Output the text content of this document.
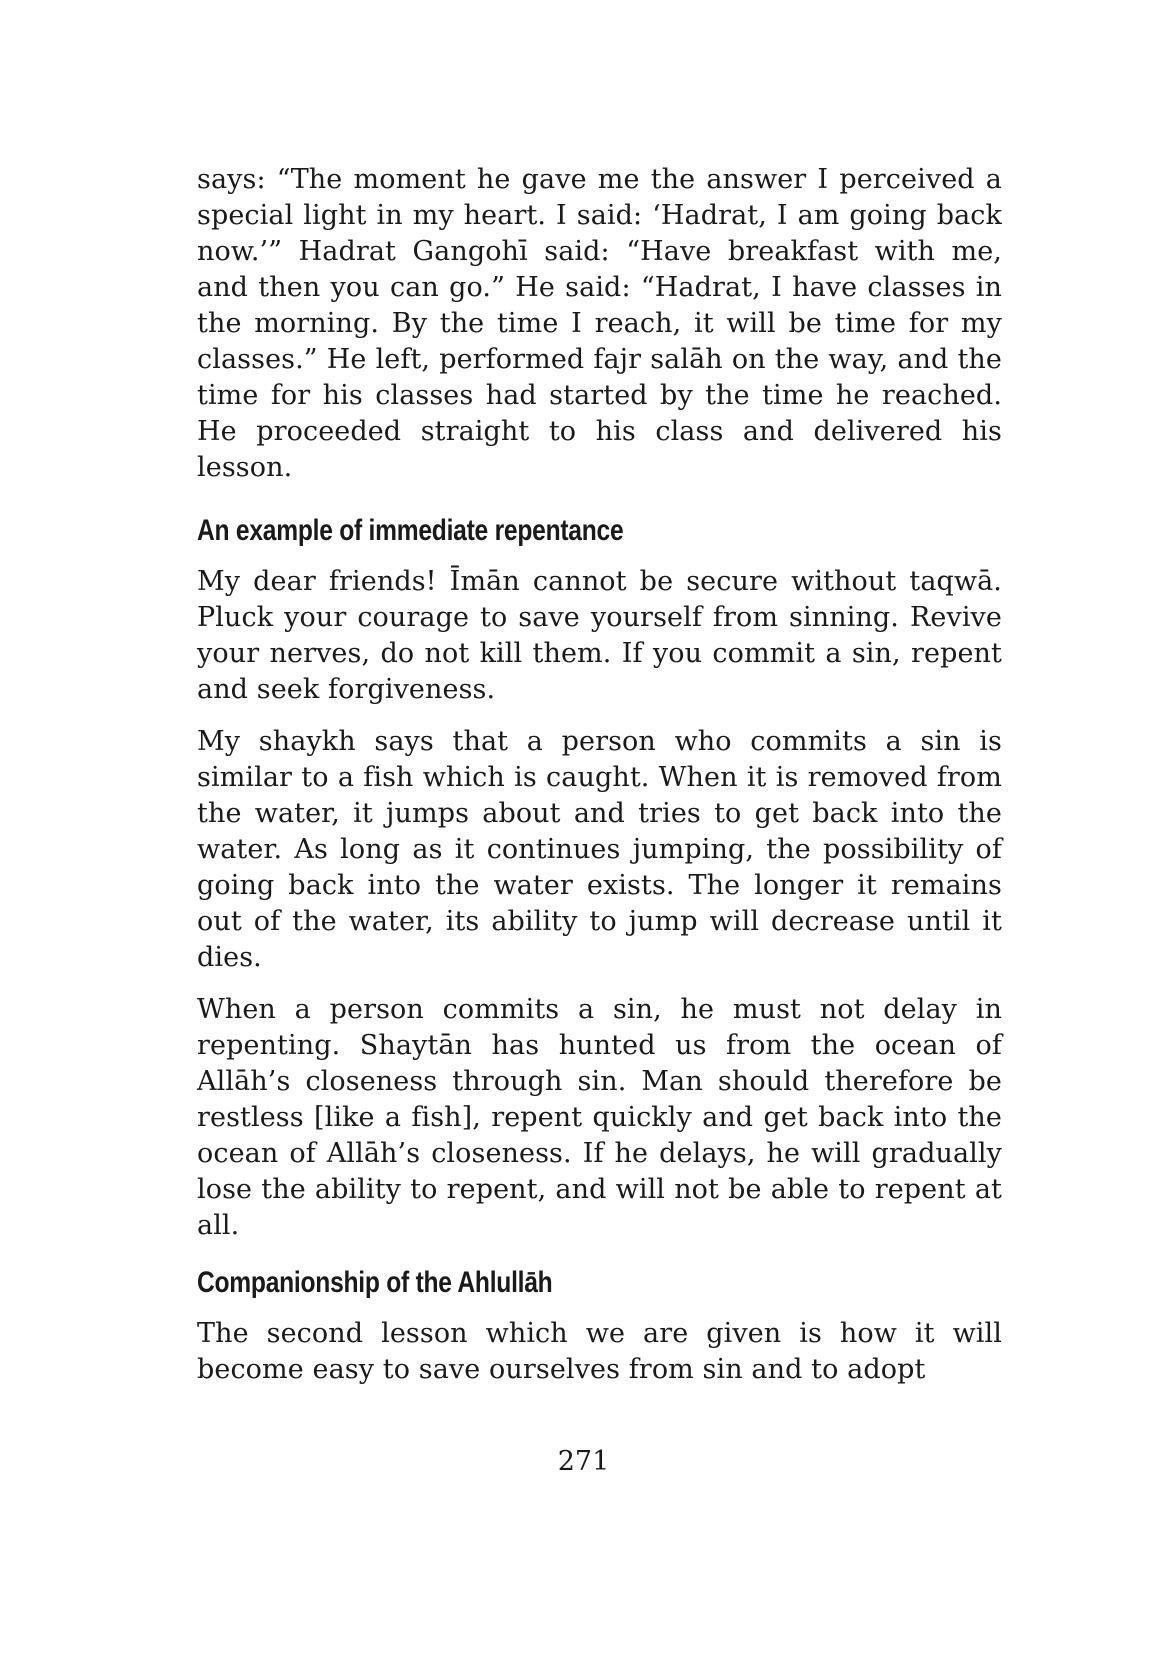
says: “The moment he gave me the answer I perceived a special light in my heart. I said: ‘Hadrat, I am going back now.’” Hadrat Gangohī said: “Have breakfast with me, and then you can go.” He said: “Hadrat, I have classes in the morning. By the time I reach, it will be time for my classes.” He left, performed fajr salāh on the way, and the time for his classes had started by the time he reached. He proceeded straight to his class and delivered his lesson.

An example of immediate repentance

My dear friends! Īmān cannot be secure without taqwā. Pluck your courage to save yourself from sinning. Revive your nerves, do not kill them. If you commit a sin, repent and seek forgiveness.

My shaykh says that a person who commits a sin is similar to a fish which is caught. When it is removed from the water, it jumps about and tries to get back into the water. As long as it continues jumping, the possibility of going back into the water exists. The longer it remains out of the water, its ability to jump will decrease until it dies.

When a person commits a sin, he must not delay in repenting. Shaytān has hunted us from the ocean of Allāh’s closeness through sin. Man should therefore be restless [like a fish], repent quickly and get back into the ocean of Allāh’s closeness. If he delays, he will gradually lose the ability to repent, and will not be able to repent at all.

Companionship of the Ahlullāh

The second lesson which we are given is how it will become easy to save ourselves from sin and to adopt

271
